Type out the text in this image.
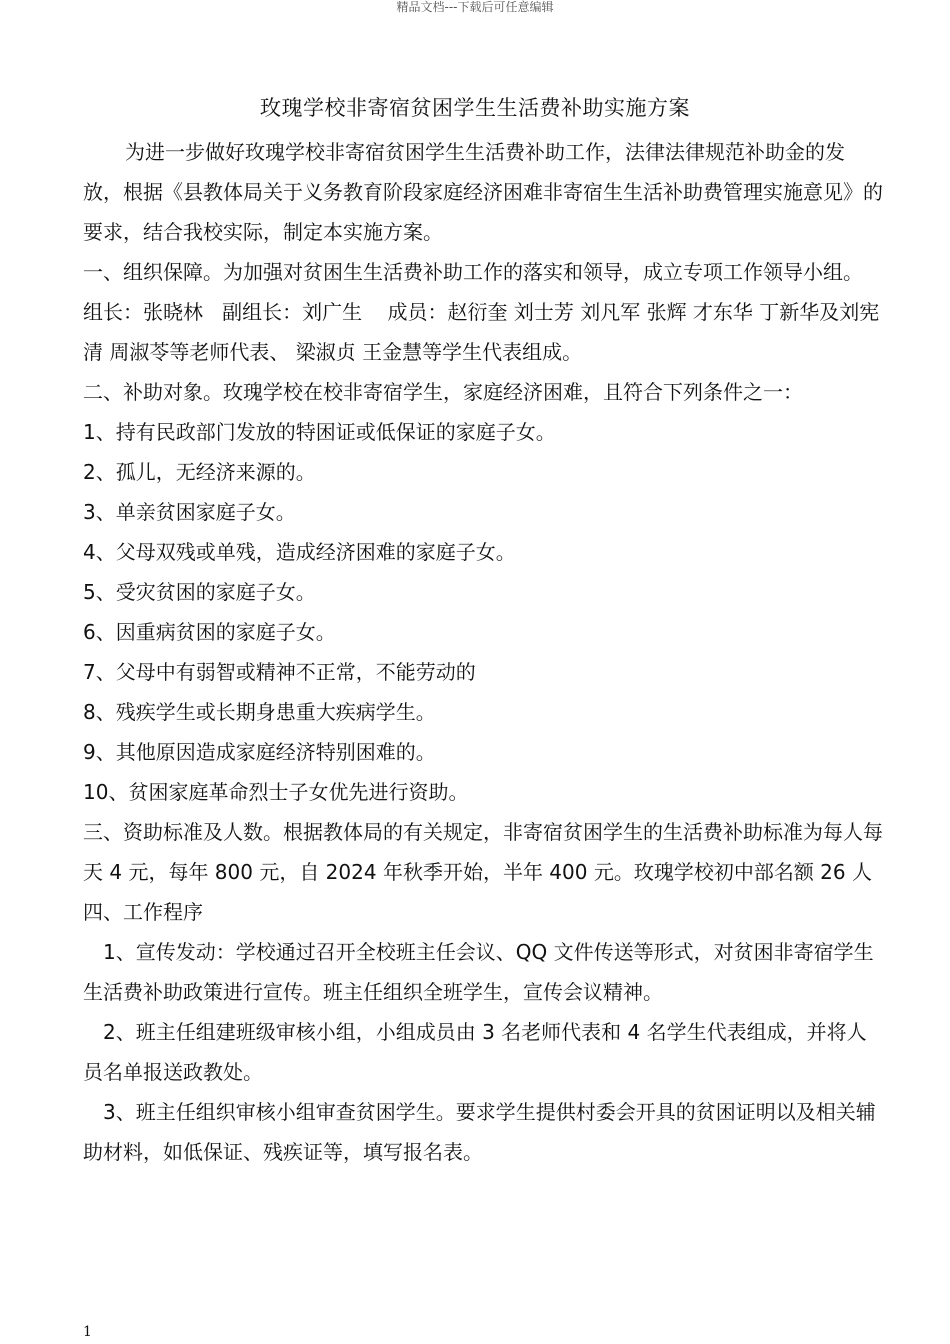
精品文档---下载后可任意编辑
玫瑰学校非寄宿贫困学生生活费补助实施方案

为进一步做好玫瑰学校非寄宿贫困学生生活费补助工作，法律法律规范补助金的发放，根据《县教体局关于义务教育阶段家庭经济困难非寄宿生生活补助费管理实施意见》的要求，结合我校实际，制定本实施方案。

一、组织保障。为加强对贫困生生活费补助工作的落实和领导，成立专项工作领导小组。

组长：张晓林   副组长：刘广生    成员：赵衍奎 刘士芳 刘凡军 张辉 才东华 丁新华及刘宪清 周淑苓等老师代表、 梁淑贞 王金慧等学生代表组成。

二、补助对象。玫瑰学校在校非寄宿学生，家庭经济困难，且符合下列条件之一：

1、持有民政部门发放的特困证或低保证的家庭子女。

2、孤儿，无经济来源的。

3、单亲贫困家庭子女。

4、父母双残或单残，造成经济困难的家庭子女。

5、受灾贫困的家庭子女。

6、因重病贫困的家庭子女。

7、父母中有弱智或精神不正常，不能劳动的

8、残疾学生或长期身患重大疾病学生。

9、其他原因造成家庭经济特别困难的。

10、贫困家庭革命烈士子女优先进行资助。

三、资助标准及人数。根据教体局的有关规定，非寄宿贫困学生的生活费补助标准为每人每天 4 元，每年 800 元，自 2024 年秋季开始，半年 400 元。玫瑰学校初中部名额 26 人

四、工作程序

1、宣传发动：学校通过召开全校班主任会议、QQ 文件传送等形式，对贫困非寄宿学生生活费补助政策进行宣传。班主任组织全班学生，宣传会议精神。

2、班主任组建班级审核小组，小组成员由 3 名老师代表和 4 名学生代表组成，并将人员名单报送政教处。

3、班主任组织审核小组审查贫困学生。要求学生提供村委会开具的贫困证明以及相关辅助材料，如低保证、残疾证等，填写报名表。

1
